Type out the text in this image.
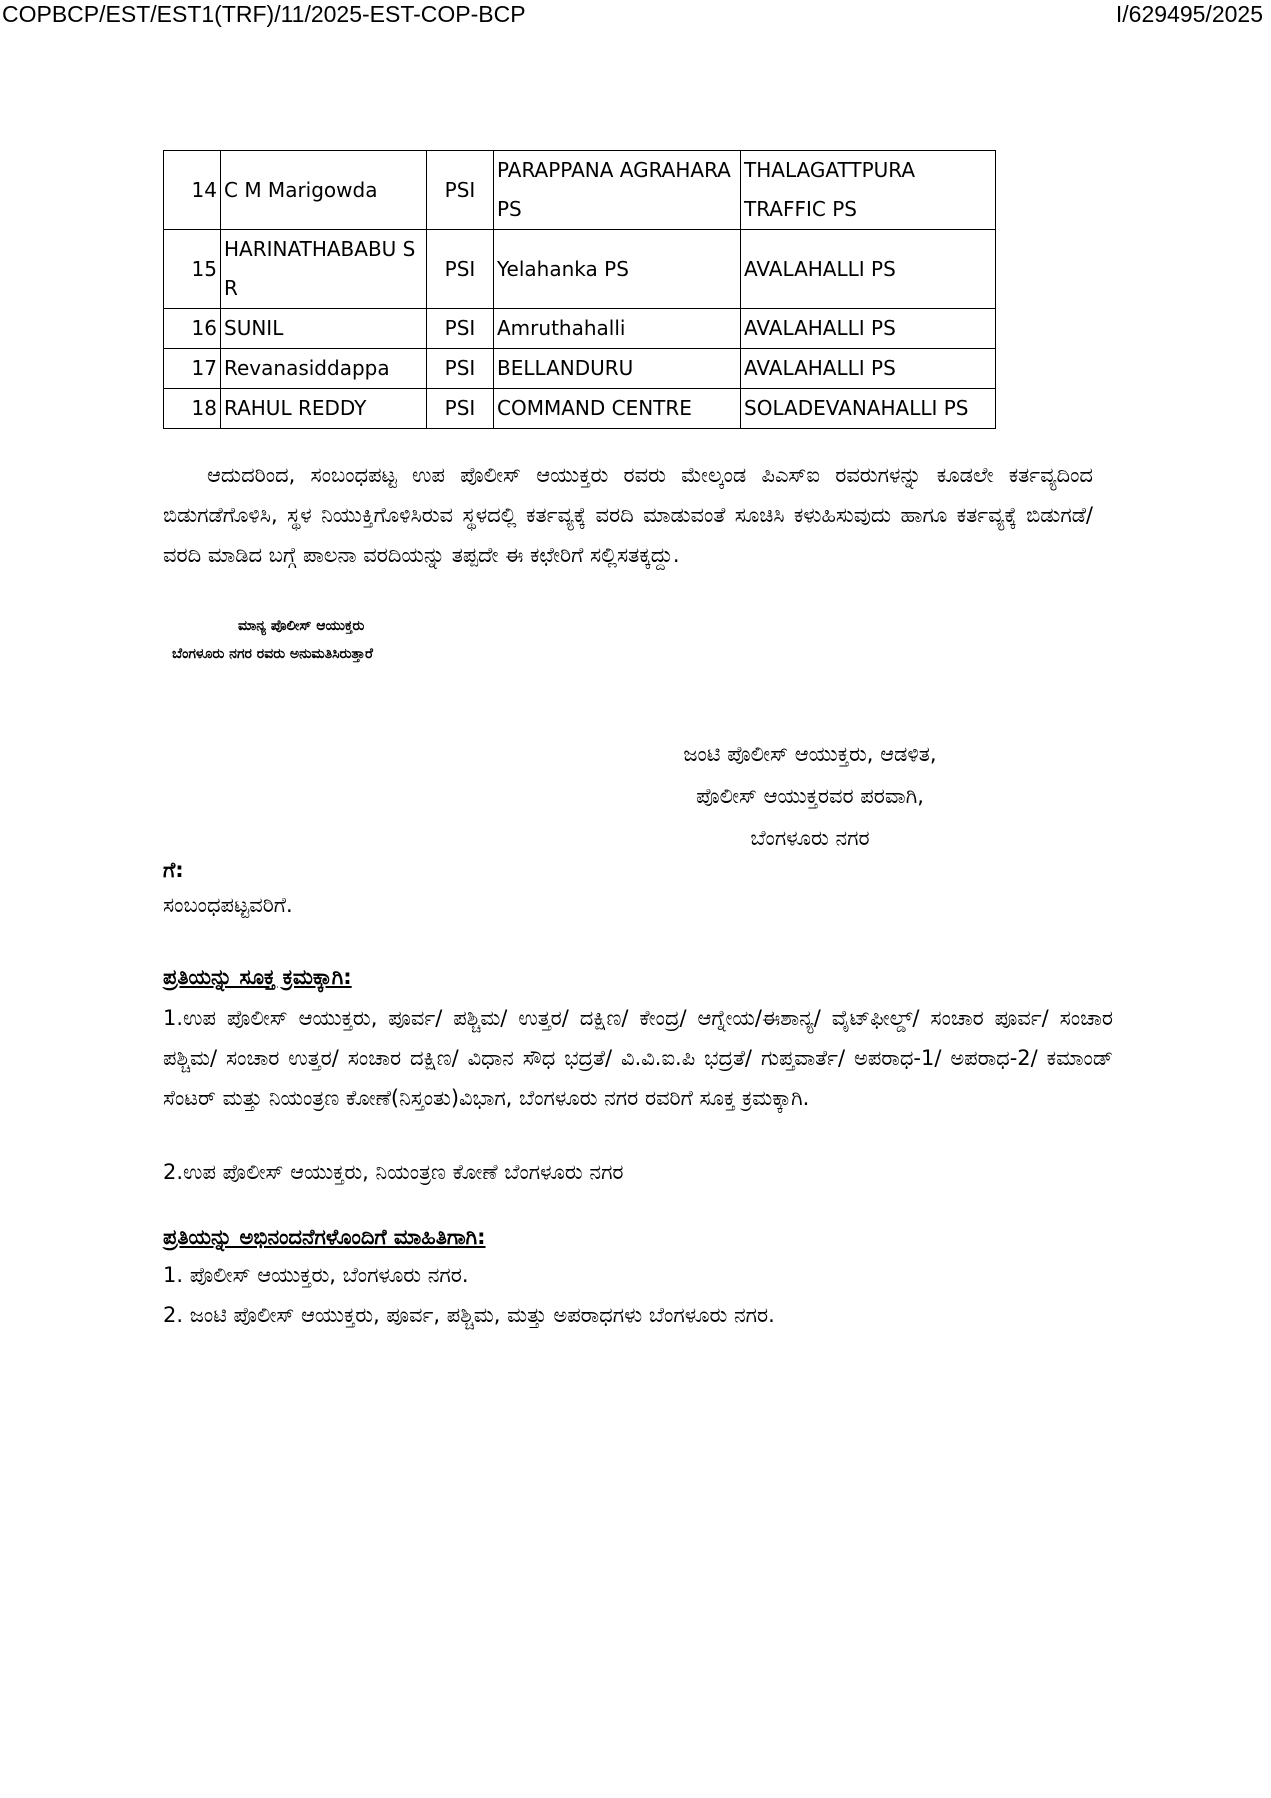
COPBCP/EST/EST1(TRF)/11/2025-EST-COP-BCP	I/629495/2025
14	C M Marigowda	PSI	PARAPPANA AGRAHARA PS	THALAGATTPURA TRAFFIC PS
15	HARINATHABABU S R	PSI	Yelahanka PS	AVALAHALLI PS
16	SUNIL	PSI	Amruthahalli	AVALAHALLI PS
17	Revanasiddappa	PSI	BELLANDURU	AVALAHALLI PS
18	RAHUL REDDY	PSI	COMMAND CENTRE	SOLADEVANAHALLI PS
ಆದುದರಿಂದ, ಸಂಬಂಧಪಟ್ಟ ಉಪ ಪೊಲೀಸ್ ಆಯುಕ್ತರು ರವರು ಮೇಲ್ಕಂಡ ಪಿಎಸ್ಐ ರವರುಗಳನ್ನು ಕೂಡಲೇ ಕರ್ತವ್ಯದಿಂದ ಬಿಡುಗಡೆಗೊಳಿಸಿ, ಸ್ಥಳ ನಿಯುಕ್ತಿಗೊಳಿಸಿರುವ ಸ್ಥಳದಲ್ಲಿ ಕರ್ತವ್ಯಕ್ಕೆ ವರದಿ ಮಾಡುವಂತೆ ಸೂಚಿಸಿ ಕಳುಹಿಸುವುದು ಹಾಗೂ ಕರ್ತವ್ಯಕ್ಕೆ ಬಿಡುಗಡೆ/ವರದಿ ಮಾಡಿದ ಬಗ್ಗೆ ಪಾಲನಾ ವರದಿಯನ್ನು ತಪ್ಪದೇ ಈ ಕಛೇರಿಗೆ ಸಲ್ಲಿಸತಕ್ಕದ್ದು.
ಮಾನ್ಯ ಪೊಲೀಸ್ ಆಯುಕ್ತರು
ಬೆಂಗಳೂರು ನಗರ ರವರು ಅನುಮತಿಸಿರುತ್ತಾರೆ
ಜಂಟಿ ಪೊಲೀಸ್ ಆಯುಕ್ತರು, ಆಡಳಿತ,
ಪೊಲೀಸ್ ಆಯುಕ್ತರವರ ಪರವಾಗಿ,
ಬೆಂಗಳೂರು ನಗರ
ಗೆ:
ಸಂಬಂಧಪಟ್ಟವರಿಗೆ.
ಪ್ರತಿಯನ್ನು ಸೂಕ್ತ ಕ್ರಮಕ್ಕಾಗಿ:
1.ಉಪ ಪೊಲೀಸ್ ಆಯುಕ್ತರು, ಪೂರ್ವ/ ಪಶ್ಚಿಮ/ ಉತ್ತರ/ ದಕ್ಷಿಣ/ ಕೇಂದ್ರ/ ಆಗ್ನೇಯ/ಈಶಾನ್ಯ/ ವೈಟ್‌ಫೀಲ್ಡ್/ ಸಂಚಾರ ಪೂರ್ವ/ ಸಂಚಾರ ಪಶ್ಚಿಮ/ ಸಂಚಾರ ಉತ್ತರ/ ಸಂಚಾರ ದಕ್ಷಿಣ/ ವಿಧಾನ ಸೌಧ ಭದ್ರತೆ/ ವಿ.ವಿ.ಐ.ಪಿ ಭದ್ರತೆ/ ಗುಪ್ತವಾರ್ತೆ/ ಅಪರಾಧ-1/ ಅಪರಾಧ-2/ ಕಮಾಂಡ್ ಸೆಂಟರ್ ಮತ್ತು ನಿಯಂತ್ರಣ ಕೋಣೆ(ನಿಸ್ತಂತು)ವಿಭಾಗ, ಬೆಂಗಳೂರು ನಗರ ರವರಿಗೆ ಸೂಕ್ತ ಕ್ರಮಕ್ಕಾಗಿ.
2.ಉಪ ಪೊಲೀಸ್ ಆಯುಕ್ತರು, ನಿಯಂತ್ರಣ ಕೋಣೆ ಬೆಂಗಳೂರು ನಗರ
ಪ್ರತಿಯನ್ನು ಅಭಿನಂದನೆಗಳೊಂದಿಗೆ ಮಾಹಿತಿಗಾಗಿ:
1. ಪೊಲೀಸ್ ಆಯುಕ್ತರು, ಬೆಂಗಳೂರು ನಗರ.
2. ಜಂಟಿ ಪೊಲೀಸ್ ಆಯುಕ್ತರು, ಪೂರ್ವ, ಪಶ್ಚಿಮ, ಮತ್ತು ಅಪರಾಧಗಳು ಬೆಂಗಳೂರು ನಗರ.
